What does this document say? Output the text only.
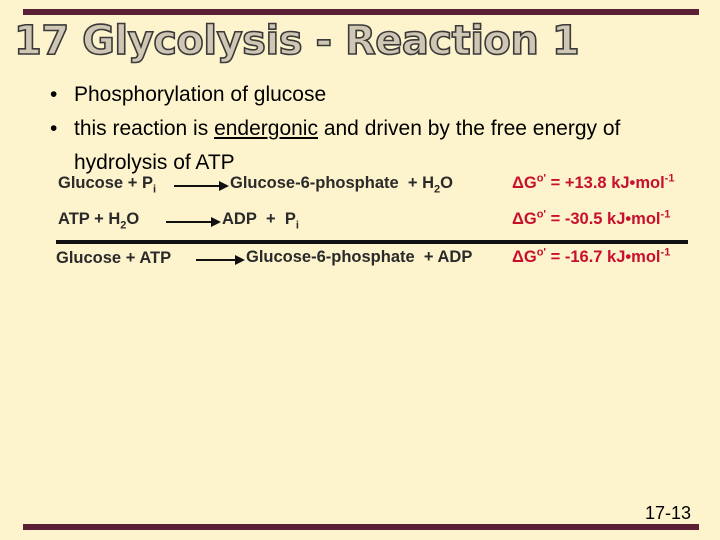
17 Glycolysis - Reaction 1
• Phosphorylation of glucose
• this reaction is endergonic and driven by the free energy of hydrolysis of ATP
$Glucose + P_i$ → Glucose-6-phosphate + $H_2O$	$\Delta G^{o'} = +13.8$ kJ•mol$^{-1}$
ATP + $H_2O$ → ADP + $P_i$	$\Delta G^{o'} = -30.5$ kJ•mol$^{-1}$
Glucose + ATP → Glucose-6-phosphate + ADP $\Delta G^{o'} = -16.7$ kJ•mol$^{-1}$
17-13
